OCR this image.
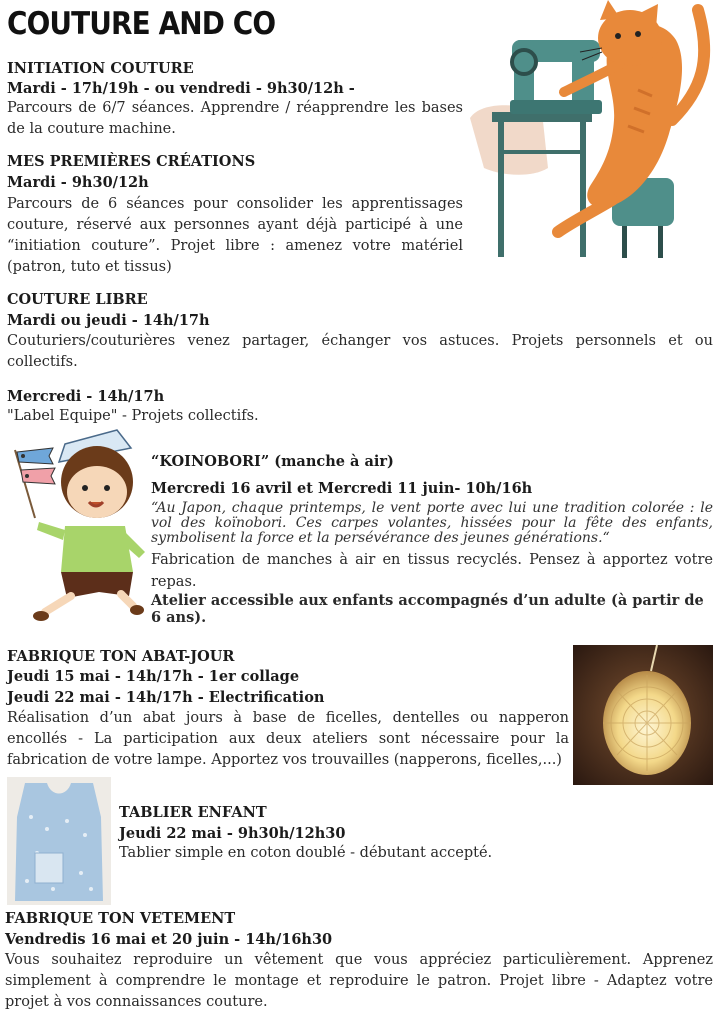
COUTURE AND CO
INITIATION COUTURE
Mardi - 17h/19h - ou vendredi - 9h30/12h -
Parcours de 6/7 séances. Apprendre / réapprendre les bases de la couture machine.
MES PREMIÈRES CRÉATIONS
Mardi - 9h30/12h
Parcours de 6 séances pour consolider les apprentissages couture, réservé aux personnes ayant déjà participé à une “initiation couture”. Projet libre : amenez votre matériel (patron, tuto et tissus)
COUTURE LIBRE
Mardi ou jeudi - 14h/17h
Couturiers/couturières venez partager, échanger vos astuces. Projets personnels et ou collectifs.
Mercredi - 14h/17h
"Label Equipe" - Projets collectifs.
“KOINOBORI” (manche à air)
Mercredi 16 avril et Mercredi 11 juin- 10h/16h
“Au Japon, chaque printemps, le vent porte avec lui une tradition colorée : le vol des koïnobori. Ces carpes volantes, hissées pour la fête des enfants, symbolisent la force et la persévérance des jeunes générations.“
Fabrication de manches à air en tissus recyclés. Pensez à apportez votre repas.
Atelier accessible aux enfants accompagnés d’un adulte (à partir de 6 ans).
FABRIQUE TON ABAT-JOUR
Jeudi 15 mai - 14h/17h - 1er collage
Jeudi 22 mai - 14h/17h - Electrification
Réalisation d’un abat jours à base de ficelles, dentelles ou napperon encollés - La participation aux deux ateliers sont nécessaire pour la fabrication de votre lampe. Apportez vos trouvailles (napperons, ficelles,...)
TABLIER ENFANT
Jeudi 22 mai - 9h30h/12h30
Tablier simple en coton doublé - débutant accepté.
FABRIQUE TON VETEMENT
Vendredis 16 mai et 20 juin - 14h/16h30
Vous souhaitez reproduire un vêtement que vous appréciez particulièrement. Apprenez simplement à comprendre le montage et reproduire le patron. Projet libre - Adaptez votre projet à vos connaissances couture.
